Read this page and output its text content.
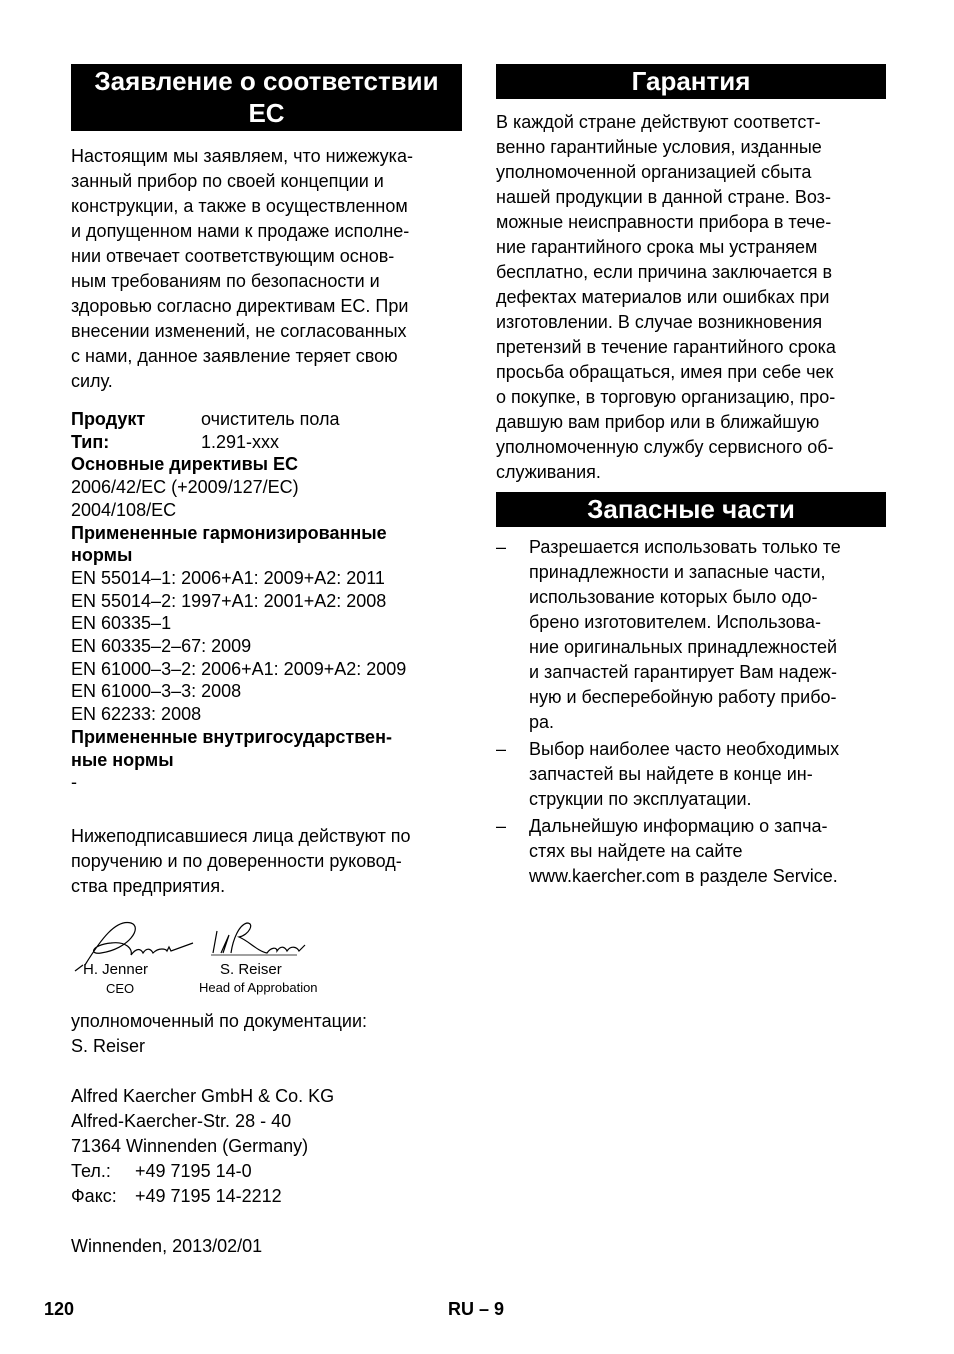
Заявление о соответствии ЕС

Настоящим мы заявляем, что нижежука-
занный прибор по своей концепции и
конструкции, а также в осуществленном
и допущенном нами к продаже исполне-
нии отвечает соответствующим основ-
ным требованиям по безопасности и
здоровью согласно директивам ЕС. При
внесении изменений, не согласованных
с нами, данное заявление теряет свою
силу.

Продукт	очиститель пола
Тип:	1.291-xxx
Основные директивы ЕС
2006/42/EC (+2009/127/EC)
2004/108/EC
Примененные гармонизированные
нормы
EN 55014–1: 2006+A1: 2009+A2: 2011
EN 55014–2: 1997+A1: 2001+A2: 2008
EN 60335–1
EN 60335–2–67: 2009
EN 61000–3–2: 2006+A1: 2009+A2: 2009
EN 61000–3–3: 2008
EN 62233: 2008
Примененные внутригосударствен-
ные нормы
-

Нижеподписавшиеся лица действуют по
поручению и по доверенности руковод-
ства предприятия.

H. Jenner
CEO
S. Reiser
Head of Approbation

уполномоченный по документации:
S. Reiser

Alfred Kaercher GmbH & Co. KG
Alfred-Kaercher-Str. 28 - 40
71364 Winnenden (Germany)

Тел.:	+49 7195 14-0
Факс:	+49 7195 14-2212

Winnenden, 2013/02/01

Гарантия

В каждой стране действуют соответст-
венно гарантийные условия, изданные
уполномоченной организацией сбыта
нашей продукции в данной стране. Воз-
можные неисправности прибора в тече-
ние гарантийного срока мы устраняем
бесплатно, если причина заключается в
дефектах материалов или ошибках при
изготовлении. В случае возникновения
претензий в течение гарантийного срока
просьба обращаться, имея при себе чек
о покупке, в торговую организацию, про-
давшую вам прибор или в ближайшую
уполномоченную службу сервисного об-
служивания.

Запасные части
– Разрешается использовать только те
принадлежности и запасные части,
использование которых было одо-
брено изготовителем. Использова-
ние оригинальных принадлежностей
и запчастей гарантирует Вам надеж-
ную и бесперебойную работу прибо-
ра.
– Выбор наиболее часто необходимых
запчастей вы найдете в конце ин-
струкции по эксплуатации.
– Дальнейшую информацию о запча-
стях вы найдете на сайте
www.kaercher.com в разделе Service.
120	RU – 9
